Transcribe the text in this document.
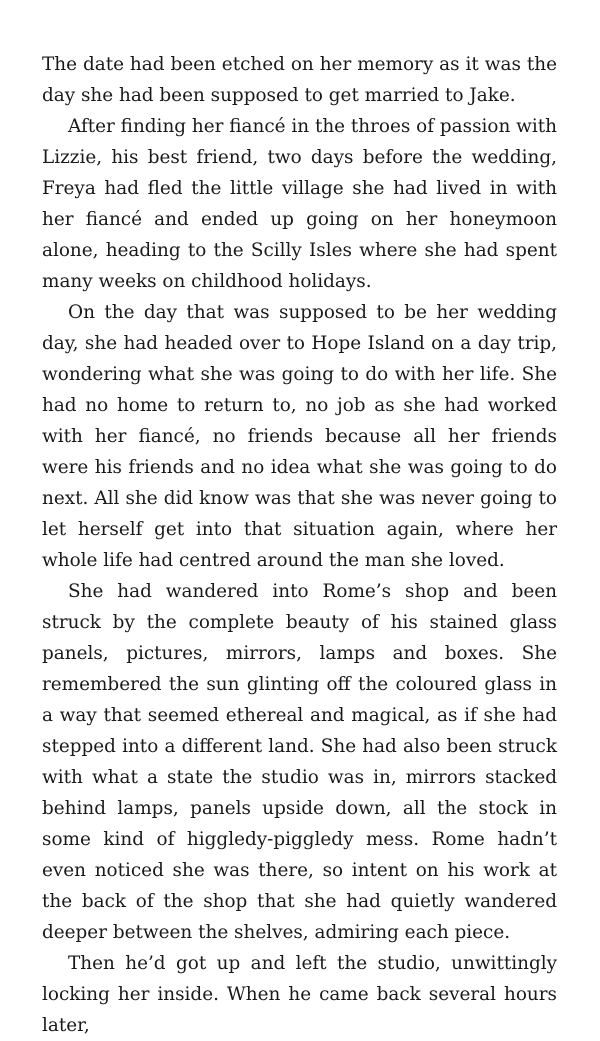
The date had been etched on her memory as it was the day she had been supposed to get married to Jake.

After finding her fiancé in the throes of passion with Lizzie, his best friend, two days before the wedding, Freya had fled the little village she had lived in with her fiancé and ended up going on her honeymoon alone, heading to the Scilly Isles where she had spent many weeks on childhood holidays.

On the day that was supposed to be her wedding day, she had headed over to Hope Island on a day trip, wondering what she was going to do with her life. She had no home to return to, no job as she had worked with her fiancé, no friends because all her friends were his friends and no idea what she was going to do next. All she did know was that she was never going to let herself get into that situation again, where her whole life had centred around the man she loved.

She had wandered into Rome’s shop and been struck by the complete beauty of his stained glass panels, pictures, mirrors, lamps and boxes. She remembered the sun glinting off the coloured glass in a way that seemed ethereal and magical, as if she had stepped into a different land. She had also been struck with what a state the studio was in, mirrors stacked behind lamps, panels upside down, all the stock in some kind of higgledy-piggledy mess. Rome hadn’t even noticed she was there, so intent on his work at the back of the shop that she had quietly wandered deeper between the shelves, admiring each piece.

Then he’d got up and left the studio, unwittingly locking her inside. When he came back several hours later,
